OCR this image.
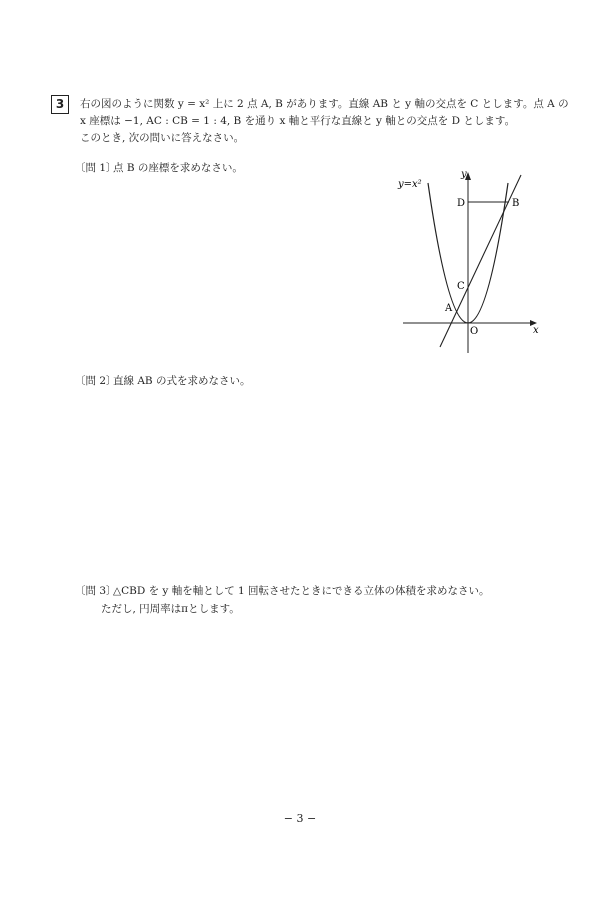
3	右の図のように関数 y = x² 上に 2 点 A, B があります。直線 AB と y 軸の交点を C とします。点 A の
x 座標は −1, AC : CB = 1 : 4, B を通り x 軸と平行な直線と y 軸との交点を D とします。
このとき, 次の問いに答えなさい。
〔問 1〕点 B の座標を求めなさい。
y=x²
y
x
O
D	B
C
A
〔問 2〕直線 AB の式を求めなさい。
〔問 3〕△CBD を y 軸を軸として 1 回転させたときにできる立体の体積を求めなさい。
ただし, 円周率はπとします。
− 3 −
